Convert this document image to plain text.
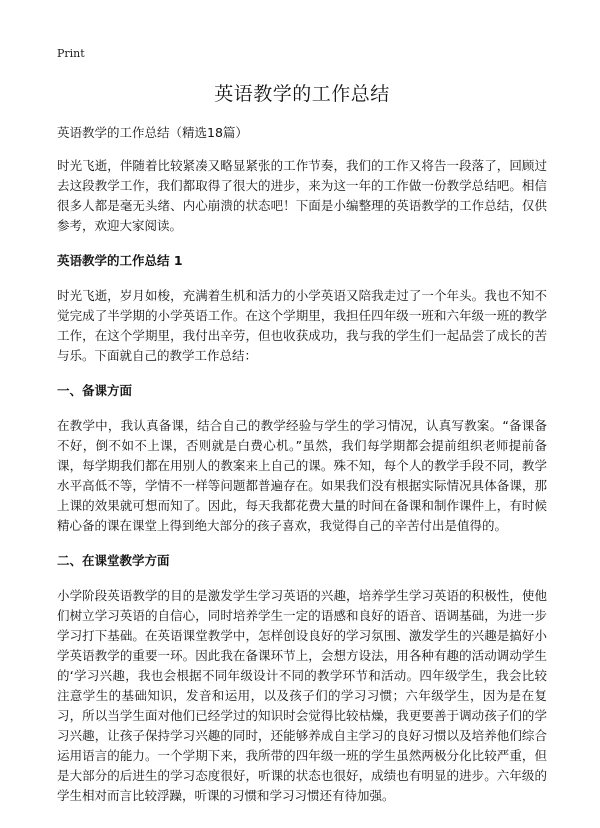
Print
英语教学的工作总结

英语教学的工作总结（精选18篇）

时光飞逝，伴随着比较紧凑又略显紧张的工作节奏，我们的工作又将告一段落了，回顾过去这段教学工作，我们都取得了很大的进步，来为这一年的工作做一份教学总结吧。相信很多人都是毫无头绪、内心崩溃的状态吧！下面是小编整理的英语教学的工作总结，仅供参考，欢迎大家阅读。

英语教学的工作总结 1

时光飞逝，岁月如梭，充满着生机和活力的小学英语又陪我走过了一个年头。我也不知不觉完成了半学期的小学英语工作。在这个学期里，我担任四年级一班和六年级一班的教学工作，在这个学期里，我付出辛劳，但也收获成功，我与我的学生们一起品尝了成长的苦与乐。下面就自己的教学工作总结：

一、备课方面

在教学中，我认真备课，结合自己的教学经验与学生的学习情况，认真写教案。“备课备不好，倒不如不上课，否则就是白费心机。”虽然，我们每学期都会提前组织老师提前备课，每学期我们都在用别人的教案来上自己的课。殊不知，每个人的教学手段不同，教学水平高低不等，学情不一样等问题都普遍存在。如果我们没有根据实际情况具体备课，那上课的效果就可想而知了。因此，每天我都花费大量的时间在备课和制作课件上，有时候精心备的课在课堂上得到绝大部分的孩子喜欢，我觉得自己的辛苦付出是值得的。

二、在课堂教学方面

小学阶段英语教学的目的是激发学生学习英语的兴趣，培养学生学习英语的积极性，使他们树立学习英语的自信心，同时培养学生一定的语感和良好的语音、语调基础，为进一步学习打下基础。在英语课堂教学中，怎样创设良好的学习氛围、激发学生的兴趣是搞好小学英语教学的重要一环。因此我在备课环节上，会想方设法，用各种有趣的活动调动学生的‘学习兴趣，我也会根据不同年级设计不同的教学环节和活动。四年级学生，我会比较注意学生的基础知识，发音和运用，以及孩子们的学习习惯；六年级学生，因为是在复习，所以当学生面对他们已经学过的知识时会觉得比较枯燥，我更要善于调动孩子们的学习兴趣，让孩子保持学习兴趣的同时，还能够养成自主学习的良好习惯以及培养他们综合运用语言的能力。一个学期下来，我所带的四年级一班的学生虽然两极分化比较严重，但是大部分的后进生的学习态度很好，听课的状态也很好，成绩也有明显的进步。六年级的学生相对而言比较浮躁，听课的习惯和学习习惯还有待加强。
